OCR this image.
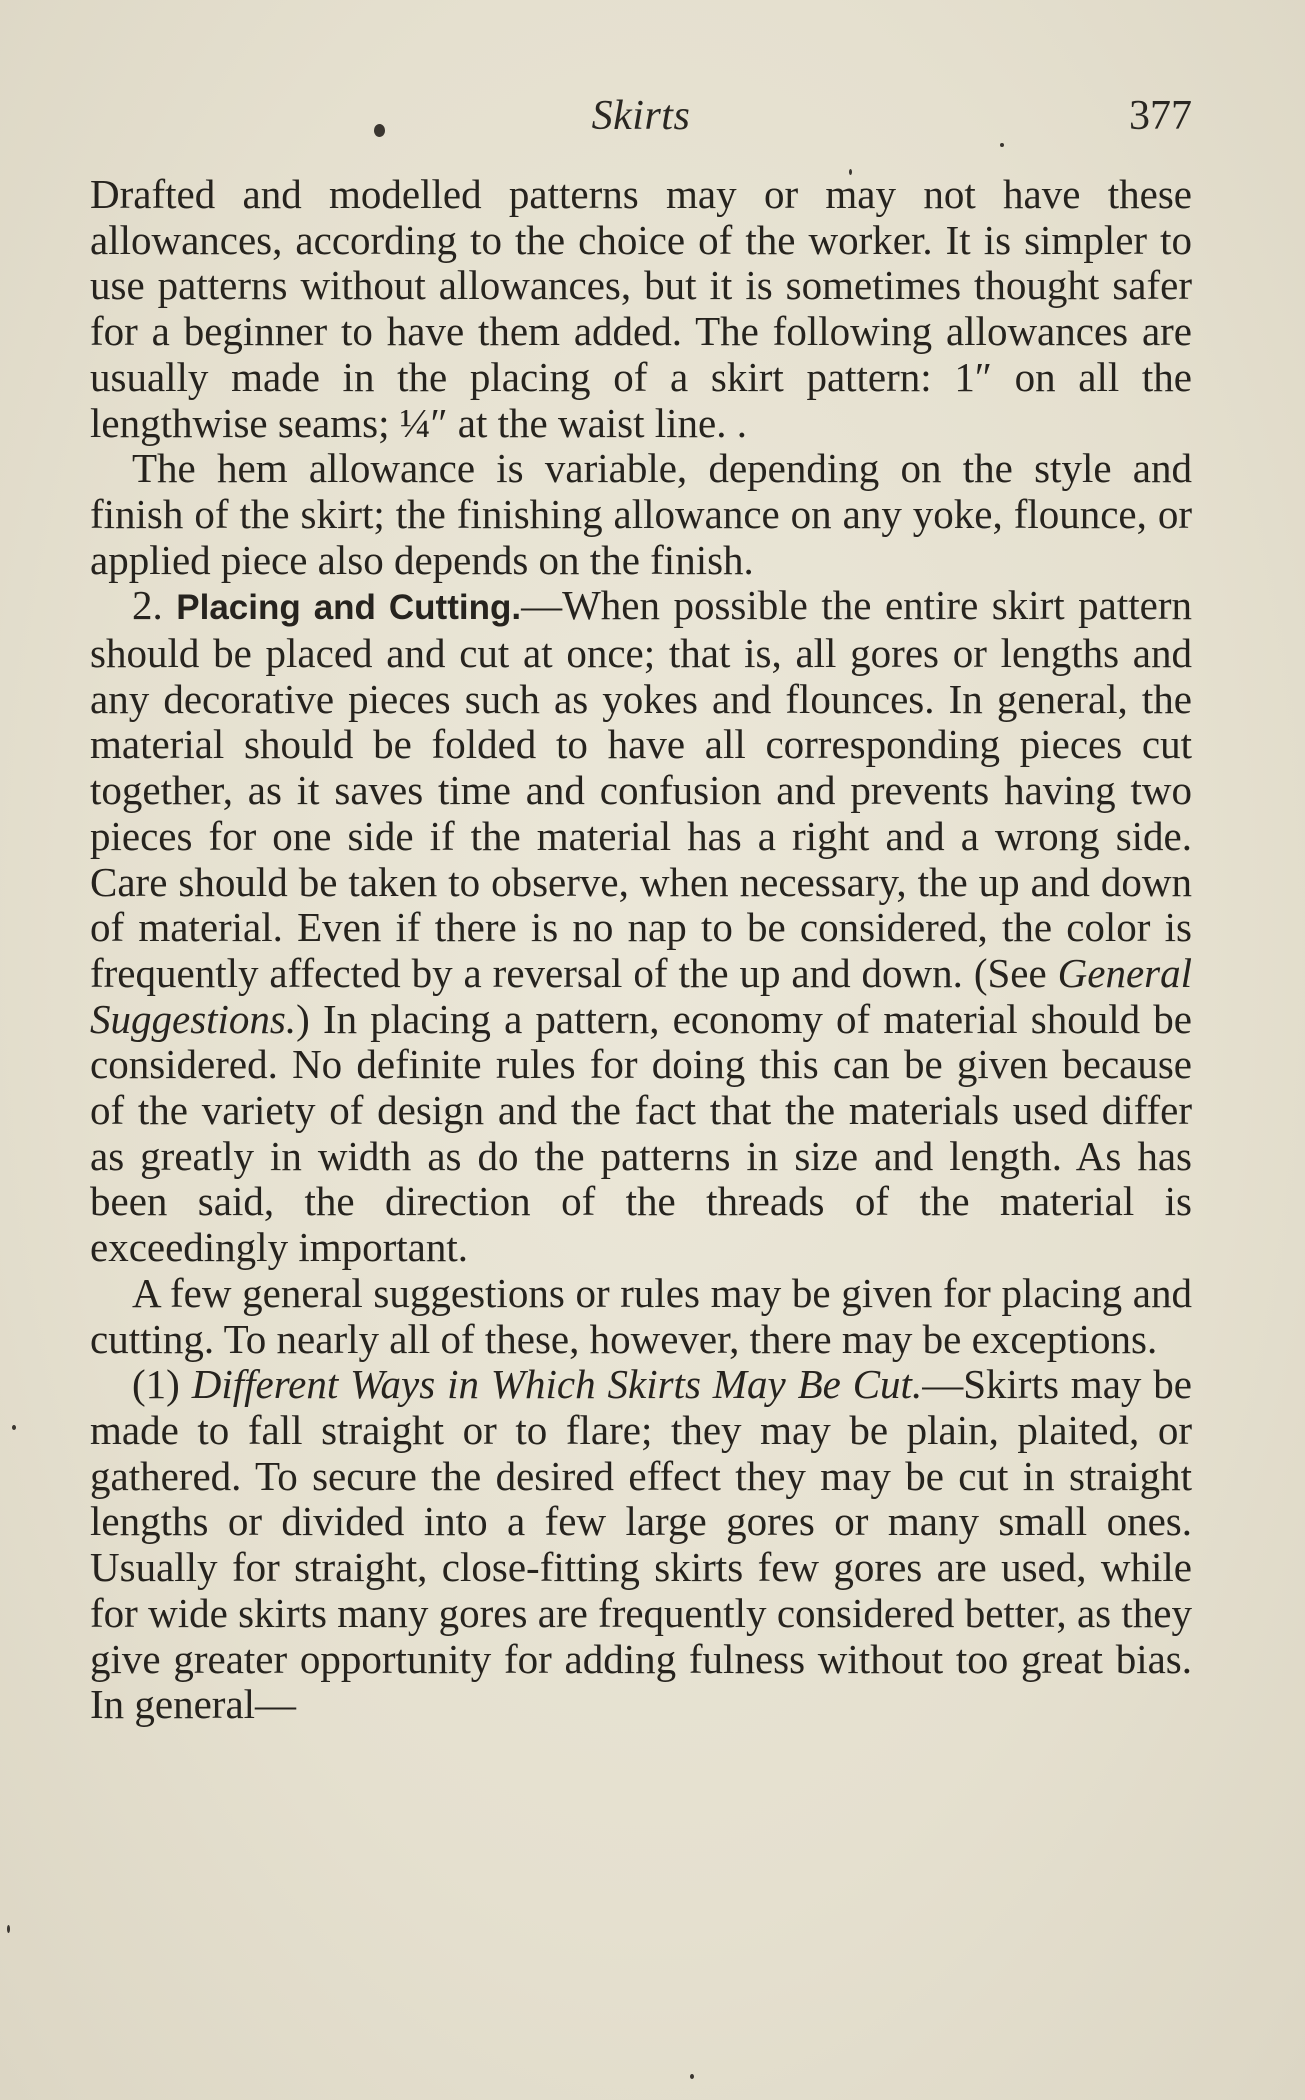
Skirts	377

Drafted and modelled patterns may or may not have these allowances, according to the choice of the worker. It is simpler to use patterns without allowances, but it is sometimes thought safer for a beginner to have them added. The following allowances are usually made in the placing of a skirt pattern: 1″ on all the lengthwise seams; ¼″ at the waist line. .

The hem allowance is variable, depending on the style and finish of the skirt; the finishing allowance on any yoke, flounce, or applied piece also depends on the finish.

2. Placing and Cutting.—When possible the entire skirt pattern should be placed and cut at once; that is, all gores or lengths and any decorative pieces such as yokes and flounces. In general, the material should be folded to have all corresponding pieces cut together, as it saves time and confusion and prevents having two pieces for one side if the material has a right and a wrong side. Care should be taken to observe, when necessary, the up and down of material. Even if there is no nap to be considered, the color is frequently affected by a reversal of the up and down. (See General Suggestions.) In placing a pattern, economy of material should be considered. No definite rules for doing this can be given because of the variety of design and the fact that the materials used differ as greatly in width as do the patterns in size and length. As has been said, the direction of the threads of the material is exceedingly important.

A few general suggestions or rules may be given for placing and cutting. To nearly all of these, however, there may be exceptions.

(1) Different Ways in Which Skirts May Be Cut.—Skirts may be made to fall straight or to flare; they may be plain, plaited, or gathered. To secure the desired effect they may be cut in straight lengths or divided into a few large gores or many small ones. Usually for straight, close-fitting skirts few gores are used, while for wide skirts many gores are frequently considered better, as they give greater opportunity for adding fulness without too great bias. In general—
